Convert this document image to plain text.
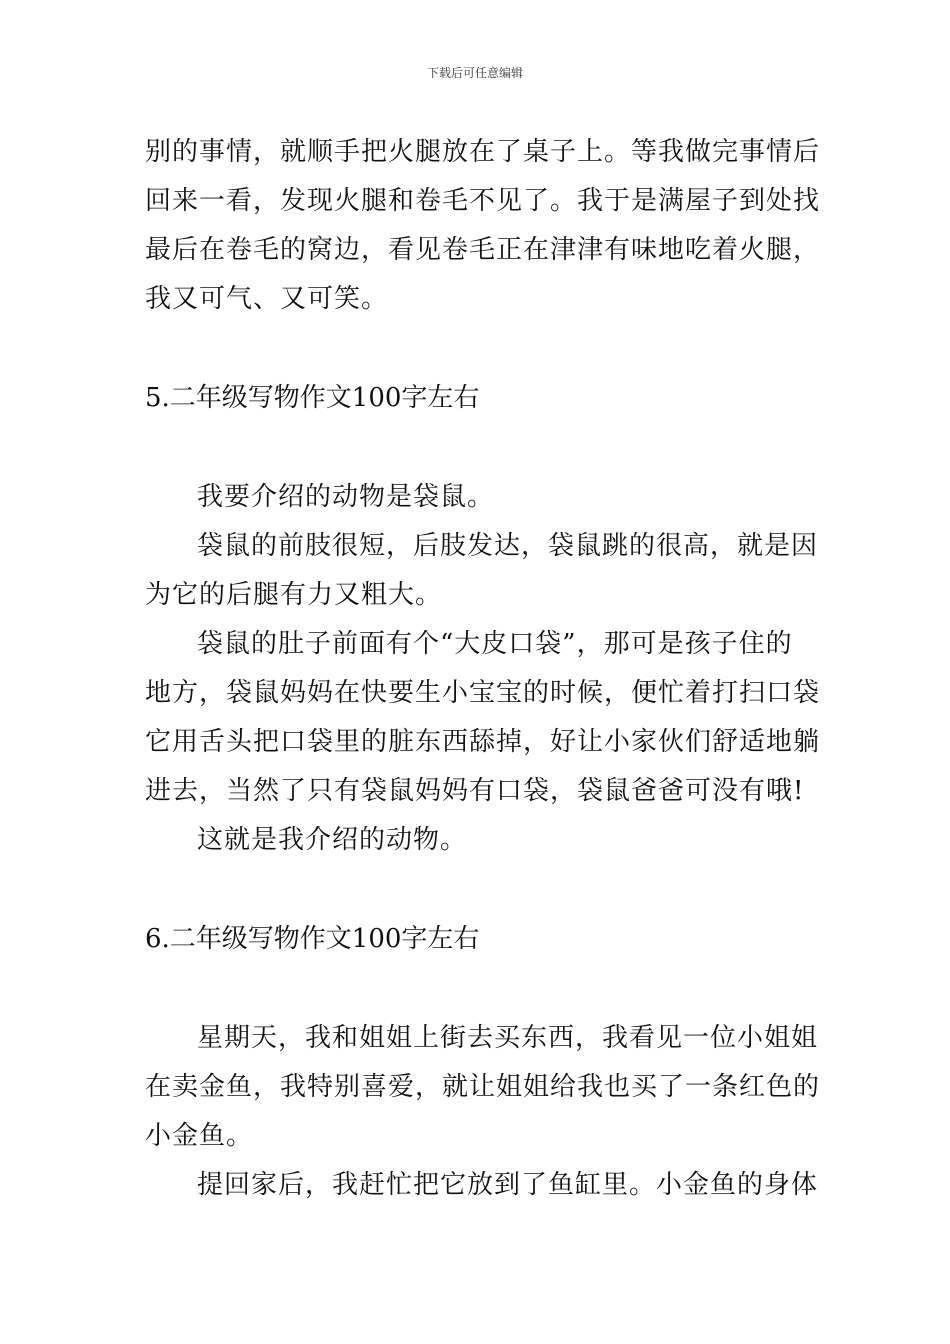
下载后可任意编辑
别的事情，就顺手把火腿放在了桌子上。等我做完事情后
回来一看，发现火腿和卷毛不见了。我于是满屋子到处找
最后在卷毛的窝边，看见卷毛正在津津有味地吃着火腿，
我又可气、又可笑。
5.二年级写物作文100字左右
我要介绍的动物是袋鼠。
袋鼠的前肢很短，后肢发达，袋鼠跳的很高，就是因
为它的后腿有力又粗大。
袋鼠的肚子前面有个“大皮口袋”，那可是孩子住的
地方，袋鼠妈妈在快要生小宝宝的时候，便忙着打扫口袋
它用舌头把口袋里的脏东西舔掉，好让小家伙们舒适地躺
进去，当然了只有袋鼠妈妈有口袋，袋鼠爸爸可没有哦!
这就是我介绍的动物。
6.二年级写物作文100字左右
星期天，我和姐姐上街去买东西，我看见一位小姐姐
在卖金鱼，我特别喜爱，就让姐姐给我也买了一条红色的
小金鱼。
提回家后，我赶忙把它放到了鱼缸里。小金鱼的身体
